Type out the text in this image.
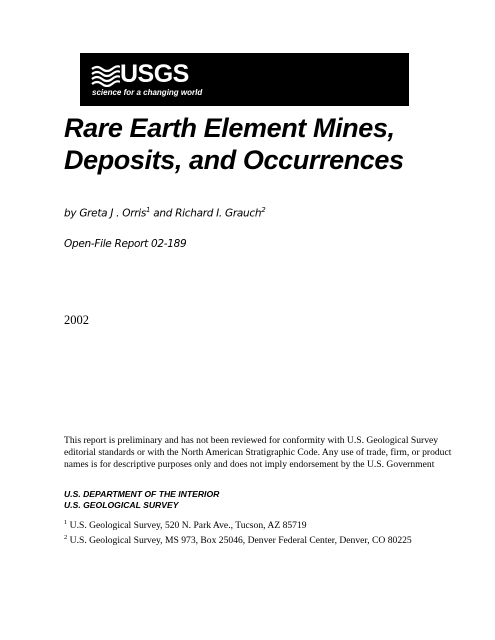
USGS
science for a changing world
Rare Earth Element Mines,
Deposits, and Occurrences
by Greta J . Orris$^1$ and Richard I. Grauch$^2$
Open-File Report 02-189
2002

This report is preliminary and has not been reviewed for conformity with U.S. Geological Survey editorial standards or with the North American Stratigraphic Code. Any use of trade, firm, or product names is for descriptive purposes only and does not imply endorsement by the U.S. Government

U.S. DEPARTMENT OF THE INTERIOR
U.S. GEOLOGICAL SURVEY

$^1$ U.S. Geological Survey, 520 N. Park Ave., Tucson, AZ 85719

$^2$ U.S. Geological Survey, MS 973, Box 25046, Denver Federal Center, Denver, CO 80225
